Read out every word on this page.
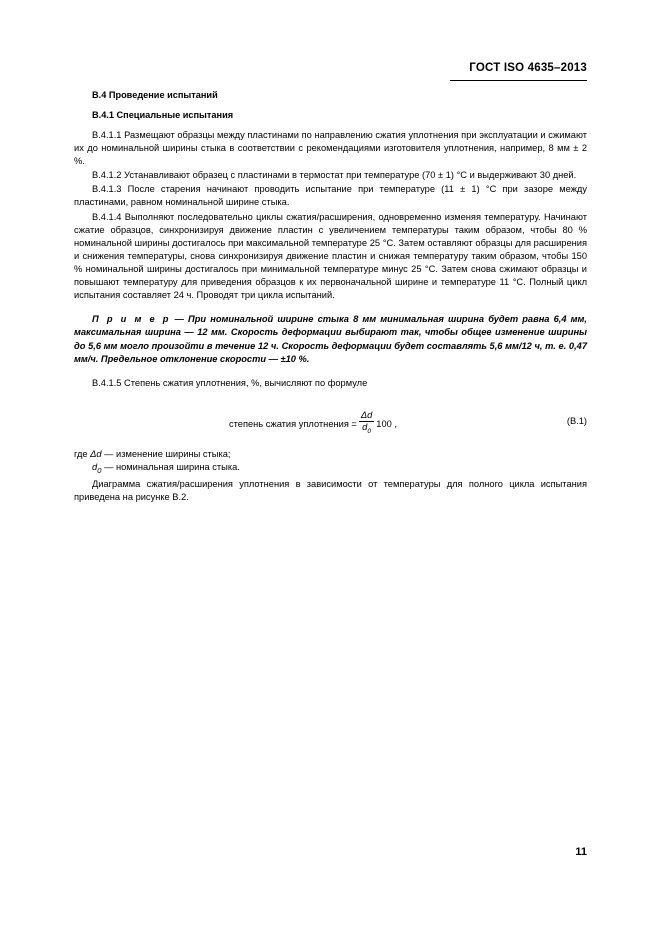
ГОСТ ISO 4635–2013

В.4 Проведение испытаний

В.4.1 Специальные испытания

В.4.1.1 Размещают образцы между пластинами по направлению сжатия уплотнения при эксплуатации и сжимают их до номинальной ширины стыка в соответствии с рекомендациями изготовителя уплотнения, например, 8 мм ± 2 %.

В.4.1.2 Устанавливают образец с пластинами в термостат при температуре (70 ± 1) °С и выдерживают 30 дней.

В.4.1.3 После старения начинают проводить испытание при температуре (11 ± 1) °С при зазоре между пластинами, равном номинальной ширине стыка.

В.4.1.4 Выполняют последовательно циклы сжатия/расширения, одновременно изменяя температуру. Начинают сжатие образцов, синхронизируя движение пластин с увеличением температуры таким образом, чтобы 80 % номинальной ширины достигалось при максимальной температуре 25 °С. Затем оставляют образцы для расширения и снижения температуры, снова синхронизируя движение пластин и снижая температуру таким образом, чтобы 150 % номинальной ширины достигалось при минимальной температуре минус 25 °С. Затем снова сжимают образцы и повышают температуру для приведения образцов к их первоначальной ширине и температуре 11 °С. Полный цикл испытания составляет 24 ч. Проводят три цикла испытаний.

П р и м е р — При номинальной ширине стыка 8 мм минимальная ширина будет равна 6,4 мм, максимальная ширина — 12 мм. Скорость деформации выбирают так, чтобы общее изменение ширины до 5,6 мм могло произойти в течение 12 ч. Скорость деформации будет составлять 5,6 мм/12 ч, т. е. 0,47 мм/ч. Предельное отклонение скорости — ±10 %.

В.4.1.5 Степень сжатия уплотнения, %, вычисляют по формуле

степень сжатия уплотнения = $\frac{\Delta d}{d_0} 100$ ,	(В.1)

где Δd — изменение ширины стыка;

$d_0$ — номинальная ширина стыка.

Диаграмма сжатия/расширения уплотнения в зависимости от температуры для полного цикла испытания приведена на рисунке В.2.

11
